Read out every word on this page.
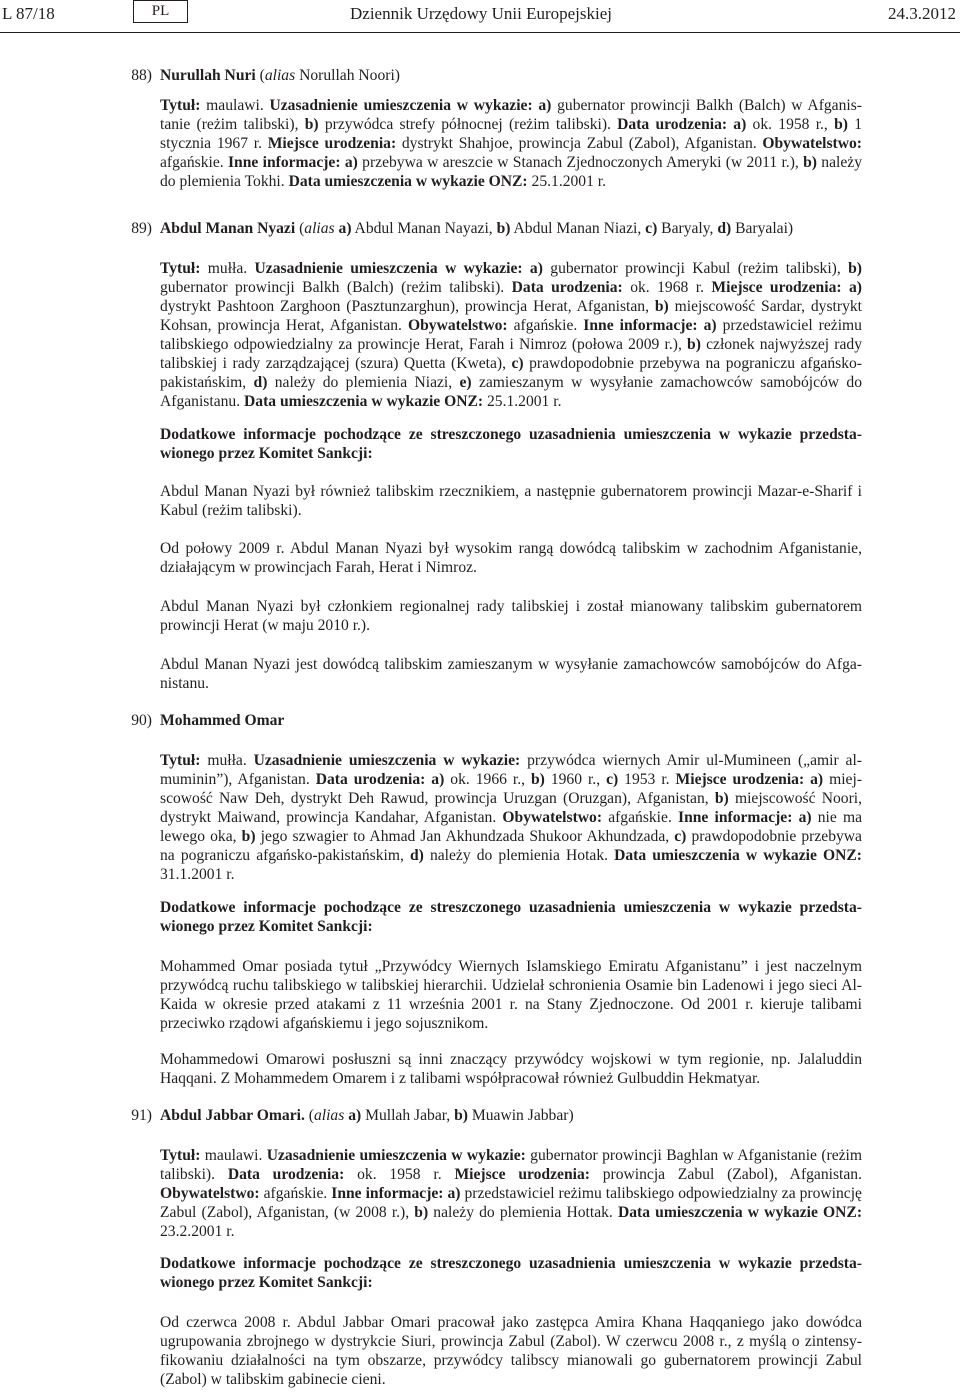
L 87/18	PL	Dziennik Urzędowy Unii Europejskiej	24.3.2012
88) Nurullah Nuri (alias Norullah Noori)

Tytuł: maulawi. Uzasadnienie umieszczenia w wykazie: a) gubernator prowincji Balkh (Balch) w Afganistanie (reżim talibski), b) przywódca strefy północnej (reżim talibski). Data urodzenia: a) ok. 1958 r., b) 1 stycznia 1967 r. Miejsce urodzenia: dystrykt Shahjoe, prowincja Zabul (Zabol), Afganistan. Obywatelstwo: afgańskie. Inne informacje: a) przebywa w areszcie w Stanach Zjednoczonych Ameryki (w 2011 r.), b) należy do plemienia Tokhi. Data umieszczenia w wykazie ONZ: 25.1.2001 r.

89) Abdul Manan Nyazi (alias a) Abdul Manan Nayazi, b) Abdul Manan Niazi, c) Baryaly, d) Baryalai)

Tytuł: mułła. Uzasadnienie umieszczenia w wykazie: a) gubernator prowincji Kabul (reżim talibski), b) gubernator prowincji Balkh (Balch) (reżim talibski). Data urodzenia: ok. 1968 r. Miejsce urodzenia: a) dystrykt Pashtoon Zarghoon (Pasztunzarghun), prowincja Herat, Afganistan, b) miejscowość Sardar, dystrykt Kohsan, prowincja Herat, Afganistan. Obywatelstwo: afgańskie. Inne informacje: a) przedstawiciel reżimu talibskiego odpowiedzialny za prowincje Herat, Farah i Nimroz (połowa 2009 r.), b) członek najwyższej rady talibskiej i rady zarządzającej (szura) Quetta (Kweta), c) prawdopodobnie przebywa na pograniczu afgańsko-pakistańskim, d) należy do plemienia Niazi, e) zamieszanym w wysyłanie zamachowców samobójców do Afganistanu. Data umieszczenia w wykazie ONZ: 25.1.2001 r.

Dodatkowe informacje pochodzące ze streszczonego uzasadnienia umieszczenia w wykazie przedstawionego przez Komitet Sankcji:

Abdul Manan Nyazi był również talibskim rzecznikiem, a następnie gubernatorem prowincji Mazar-e-Sharif i Kabul (reżim talibski).

Od połowy 2009 r. Abdul Manan Nyazi był wysokim rangą dowódcą talibskim w zachodnim Afganistanie, działającym w prowincjach Farah, Herat i Nimroz.

Abdul Manan Nyazi był członkiem regionalnej rady talibskiej i został mianowany talibskim gubernatorem prowincji Herat (w maju 2010 r.).

Abdul Manan Nyazi jest dowódcą talibskim zamieszanym w wysyłanie zamachowców samobójców do Afganistanu.

90) Mohammed Omar

Tytuł: mułła. Uzasadnienie umieszczenia w wykazie: przywódca wiernych Amir ul-Mumineen („amir al-muminin”), Afganistan. Data urodzenia: a) ok. 1966 r., b) 1960 r., c) 1953 r. Miejsce urodzenia: a) miejscowość Naw Deh, dystrykt Deh Rawud, prowincja Uruzgan (Oruzgan), Afganistan, b) miejscowość Noori, dystrykt Maiwand, prowincja Kandahar, Afganistan. Obywatelstwo: afgańskie. Inne informacje: a) nie ma lewego oka, b) jego szwagier to Ahmad Jan Akhundzada Shukoor Akhundzada, c) prawdopodobnie przebywa na pograniczu afgańsko-pakistańskim, d) należy do plemienia Hotak. Data umieszczenia w wykazie ONZ: 31.1.2001 r.

Dodatkowe informacje pochodzące ze streszczonego uzasadnienia umieszczenia w wykazie przedstawionego przez Komitet Sankcji:

Mohammed Omar posiada tytuł „Przywódcy Wiernych Islamskiego Emiratu Afganistanu” i jest naczelnym przywódcą ruchu talibskiego w talibskiej hierarchii. Udzielał schronienia Osamie bin Ladenowi i jego sieci Al-Kaida w okresie przed atakami z 11 września 2001 r. na Stany Zjednoczone. Od 2001 r. kieruje talibami przeciwko rządowi afgańskiemu i jego sojusznikom.

Mohammedowi Omarowi posłuszni są inni znaczący przywódcy wojskowi w tym regionie, np. Jalaluddin Haqqani. Z Mohammedem Omarem i z talibami współpracował również Gulbuddin Hekmatyar.

91) Abdul Jabbar Omari. (alias a) Mullah Jabar, b) Muawin Jabbar)

Tytuł: maulawi. Uzasadnienie umieszczenia w wykazie: gubernator prowincji Baghlan w Afganistanie (reżim talibski). Data urodzenia: ok. 1958 r. Miejsce urodzenia: prowincja Zabul (Zabol), Afganistan. Obywatelstwo: afgańskie. Inne informacje: a) przedstawiciel reżimu talibskiego odpowiedzialny za prowincję Zabul (Zabol), Afganistan, (w 2008 r.), b) należy do plemienia Hottak. Data umieszczenia w wykazie ONZ: 23.2.2001 r.

Dodatkowe informacje pochodzące ze streszczonego uzasadnienia umieszczenia w wykazie przedstawionego przez Komitet Sankcji:

Od czerwca 2008 r. Abdul Jabbar Omari pracował jako zastępca Amira Khana Haqqaniego jako dowódca ugrupowania zbrojnego w dystrykcie Siuri, prowincja Zabul (Zabol). W czerwcu 2008 r., z myślą o zintensyfikowaniu działalności na tym obszarze, przywódcy talibscy mianowali go gubernatorem prowincji Zabul (Zabol) w talibskim gabinecie cieni.
